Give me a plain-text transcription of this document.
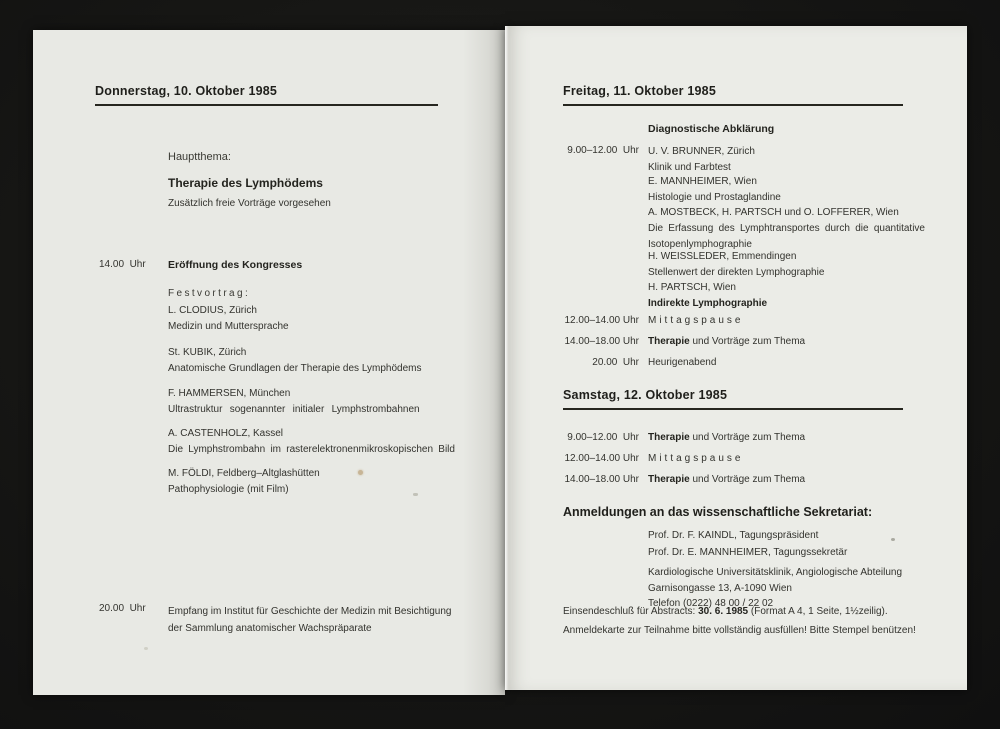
Donnerstag, 10. Oktober 1985
Hauptthema:
Therapie des Lymphödems
Zusätzlich freie Vorträge vorgesehen
14.00  Uhr Eröffnung des Kongresses
Festvortrag:
L. CLODIUS, Zürich
Medizin und Muttersprache
St. KUBIK, Zürich
Anatomische Grundlagen der Therapie des Lymphödems
F. HAMMERSEN, München
Ultrastruktur sogenannter initialer Lymphstrombahnen
A. CASTENHOLZ, Kassel
Die Lymphstrombahn im rasterelektronenmikroskopischen Bild
M. FÖLDI, Feldberg–Altglashütten
Pathophysiologie (mit Film)
20.00  Uhr Empfang im Institut für Geschichte der Medizin mit Besichtigung
der Sammlung anatomischer Wachspräparate
Freitag, 11. Oktober 1985
Diagnostische Abklärung
9.00–12.00  Uhr U. V. BRUNNER, Zürich
Klinik und Farbtest
E. MANNHEIMER, Wien
Histologie und Prostaglandine
A. MOSTBECK, H. PARTSCH und O. LOFFERER, Wien
Die Erfassung des Lymphtransportes durch die quantitative
Isotopenlymphographie
H. WEISSLEDER, Emmendingen
Stellenwert der direkten Lymphographie
H. PARTSCH, Wien
Indirekte Lymphographie
12.00–14.00 Uhr Mittagspause
14.00–18.00 Uhr Therapie und Vorträge zum Thema
20.00  Uhr Heurigenabend
Samstag, 12. Oktober 1985
9.00–12.00  Uhr Therapie und Vorträge zum Thema
12.00–14.00 Uhr Mittagspause
14.00–18.00 Uhr Therapie und Vorträge zum Thema
Anmeldungen an das wissenschaftliche Sekretariat:
Prof. Dr. F. KAINDL, Tagungspräsident
Prof. Dr. E. MANNHEIMER, Tagungssekretär
Kardiologische Universitätsklinik, Angiologische Abteilung
Garnisongasse 13, A-1090 Wien
Telefon (0222) 48 00 / 22 02
Einsendeschluß für Abstracts: 30. 6. 1985 (Format A 4, 1 Seite, 1½zeilig).
Anmeldekarte zur Teilnahme bitte vollständig ausfüllen! Bitte Stempel benützen!
